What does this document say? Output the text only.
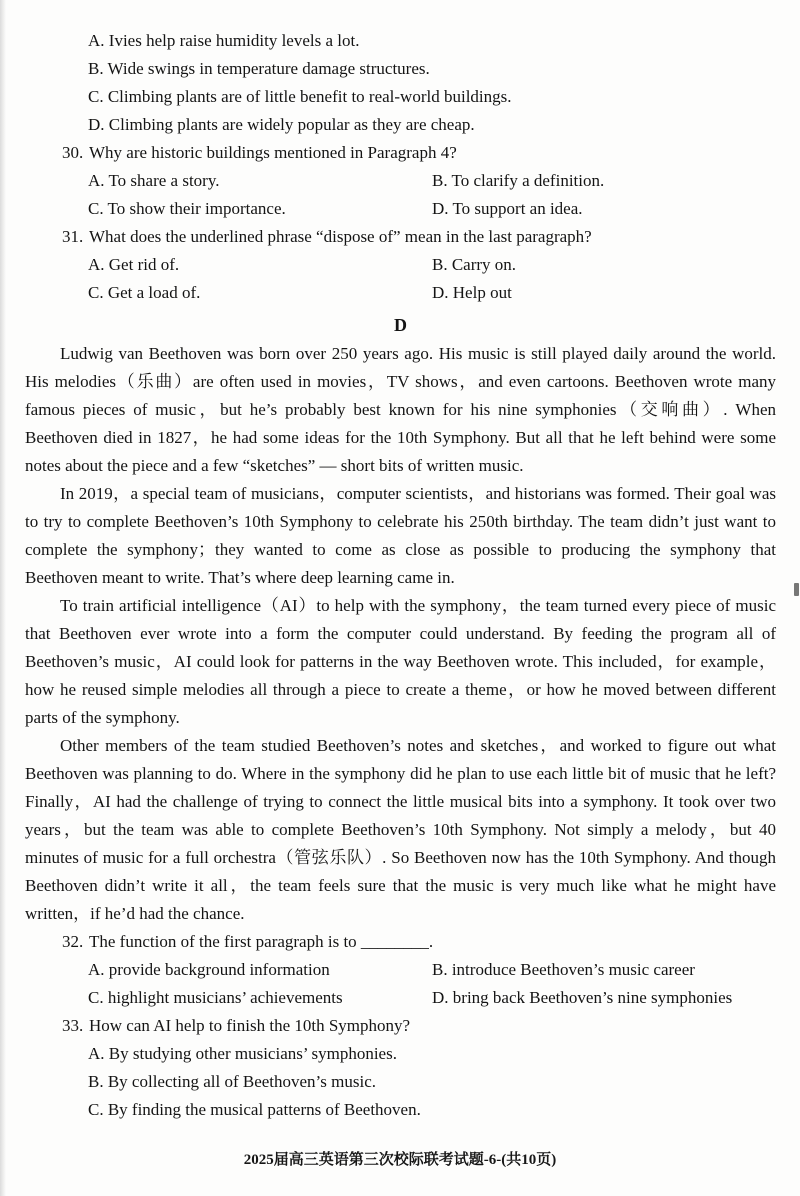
A. Ivies help raise humidity levels a lot.

B. Wide swings in temperature damage structures.

C. Climbing plants are of little benefit to real-world buildings.

D. Climbing plants are widely popular as they are cheap.

30. Why are historic buildings mentioned in Paragraph 4?

A. To share a story.	B. To clarify a definition.
C. To show their importance.	D. To support an idea.

31. What does the underlined phrase “dispose of” mean in the last paragraph?

A. Get rid of.	B. Carry on.
C. Get a load of.	D. Help out
D

Ludwig van Beethoven was born over 250 years ago. His music is still played daily around the world. His melodies（乐曲）are often used in movies，TV shows，and even cartoons. Beethoven wrote many famous pieces of music，but he’s probably best known for his nine symphonies（交响曲）. When Beethoven died in 1827，he had some ideas for the 10th Symphony. But all that he left behind were some notes about the piece and a few “sketches” — short bits of written music.

In 2019，a special team of musicians，computer scientists，and historians was formed. Their goal was to try to complete Beethoven’s 10th Symphony to celebrate his 250th birthday. The team didn’t just want to complete the symphony；they wanted to come as close as possible to producing the symphony that Beethoven meant to write. That’s where deep learning came in.

To train artificial intelligence（AI）to help with the symphony，the team turned every piece of music that Beethoven ever wrote into a form the computer could understand. By feeding the program all of Beethoven’s music，AI could look for patterns in the way Beethoven wrote. This included，for example，how he reused simple melodies all through a piece to create a theme，or how he moved between different parts of the symphony.

Other members of the team studied Beethoven’s notes and sketches，and worked to figure out what Beethoven was planning to do. Where in the symphony did he plan to use each little bit of music that he left? Finally，AI had the challenge of trying to connect the little musical bits into a symphony. It took over two years，but the team was able to complete Beethoven’s 10th Symphony. Not simply a melody，but 40 minutes of music for a full orchestra（管弦乐队）. So Beethoven now has the 10th Symphony. And though Beethoven didn’t write it all，the team feels sure that the music is very much like what he might have written，if he’d had the chance.

32. The function of the first paragraph is to ________.

A. provide background information	B. introduce Beethoven’s music career
C. highlight musicians’ achievements	D. bring back Beethoven’s nine symphonies

33. How can AI help to finish the 10th Symphony?

A. By studying other musicians’ symphonies.

B. By collecting all of Beethoven’s music.

C. By finding the musical patterns of Beethoven.

2025届高三英语第三次校际联考试题-6-(共10页)
